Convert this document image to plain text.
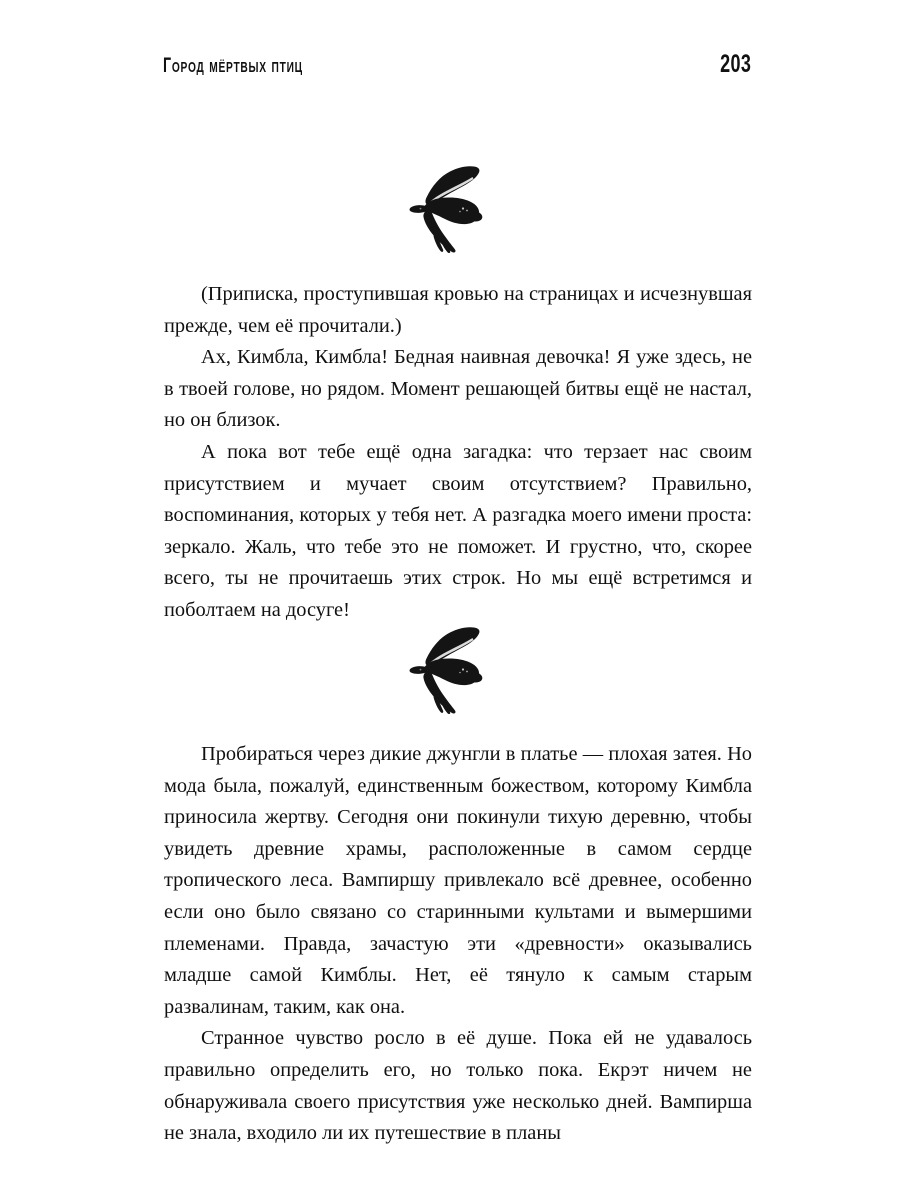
Город мёртвых птиц	203

(Приписка, проступившая кровью на страницах и исчезнувшая прежде, чем её прочитали.)

Ах, Кимбла, Кимбла! Бедная наивная девочка! Я уже здесь, не в твоей голове, но рядом. Момент решающей битвы ещё не настал, но он близок.

А пока вот тебе ещё одна загадка: что терзает нас своим присутствием и мучает своим отсутствием? Правильно, воспоминания, которых у тебя нет. А разгадка моего имени проста: зеркало. Жаль, что тебе это не поможет. И грустно, что, скорее всего, ты не прочитаешь этих строк. Но мы ещё встретимся и поболтаем на досуге!

Пробираться через дикие джунгли в платье — плохая затея. Но мода была, пожалуй, единственным божеством, которому Кимбла приносила жертву. Сегодня они покинули тихую деревню, чтобы увидеть древние храмы, расположенные в самом сердце тропического леса. Вампиршу привлекало всё древнее, особенно если оно было связано со старинными культами и вымершими племенами. Правда, зачастую эти «древности» оказывались младше самой Кимблы. Нет, её тянуло к самым старым развалинам, таким, как она.

Странное чувство росло в её душе. Пока ей не удавалось правильно определить его, но только пока. Екрэт ничем не обнаруживала своего присутствия уже несколько дней. Вампирша не знала, входило ли их путешествие в планы
